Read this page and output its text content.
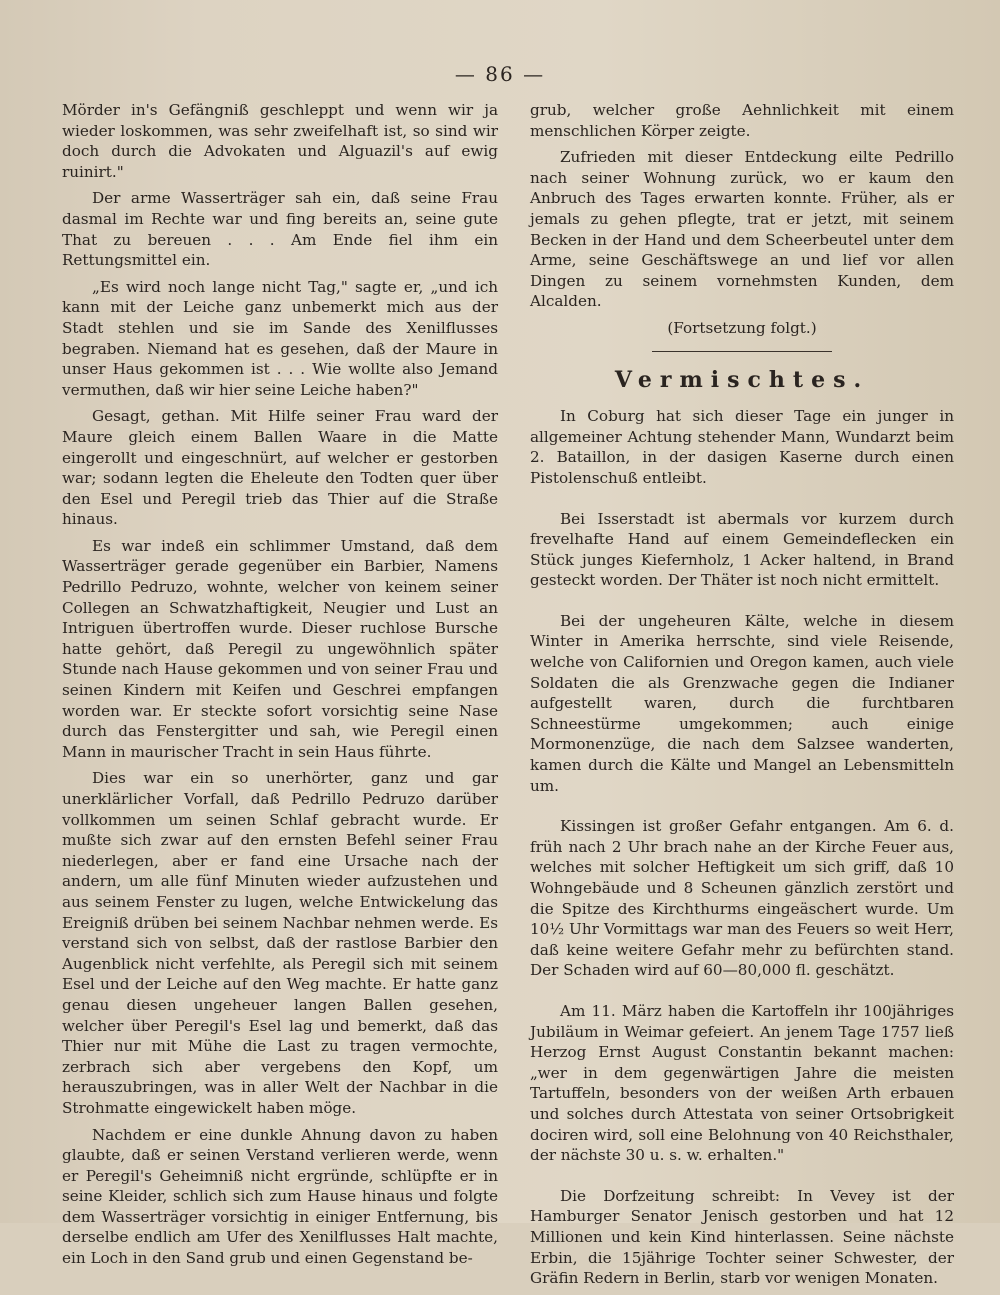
— 86 —

Mörder in's Gefängniß geschleppt und wenn wir ja wieder loskommen, was sehr zweifelhaft ist, so sind wir doch durch die Advokaten und Alguazil's auf ewig ruinirt."

Der arme Wasserträger sah ein, daß seine Frau dasmal im Rechte war und fing bereits an, seine gute That zu bereuen . . . Am Ende fiel ihm ein Rettungsmittel ein.

„Es wird noch lange nicht Tag," sagte er, „und ich kann mit der Leiche ganz unbemerkt mich aus der Stadt stehlen und sie im Sande des Xenilflusses begraben. Niemand hat es gesehen, daß der Maure in unser Haus gekommen ist . . . Wie wollte also Jemand vermuthen, daß wir hier seine Leiche haben?"

Gesagt, gethan. Mit Hilfe seiner Frau ward der Maure gleich einem Ballen Waare in die Matte eingerollt und eingeschnürt, auf welcher er gestorben war; sodann legten die Eheleute den Todten quer über den Esel und Peregil trieb das Thier auf die Straße hinaus.

Es war indeß ein schlimmer Umstand, daß dem Wasserträger gerade gegenüber ein Barbier, Namens Pedrillo Pedruzo, wohnte, welcher von keinem seiner Collegen an Schwatzhaftigkeit, Neugier und Lust an Intriguen übertroffen wurde. Dieser ruchlose Bursche hatte gehört, daß Peregil zu ungewöhnlich später Stunde nach Hause gekommen und von seiner Frau und seinen Kindern mit Keifen und Geschrei empfangen worden war. Er steckte sofort vorsichtig seine Nase durch das Fenstergitter und sah, wie Peregil einen Mann in maurischer Tracht in sein Haus führte.

Dies war ein so unerhörter, ganz und gar unerklärlicher Vorfall, daß Pedrillo Pedruzo darüber vollkommen um seinen Schlaf gebracht wurde. Er mußte sich zwar auf den ernsten Befehl seiner Frau niederlegen, aber er fand eine Ursache nach der andern, um alle fünf Minuten wieder aufzustehen und aus seinem Fenster zu lugen, welche Entwickelung das Ereigniß drüben bei seinem Nachbar nehmen werde. Es verstand sich von selbst, daß der rastlose Barbier den Augenblick nicht verfehlte, als Peregil sich mit seinem Esel und der Leiche auf den Weg machte. Er hatte ganz genau diesen ungeheuer langen Ballen gesehen, welcher über Peregil's Esel lag und bemerkt, daß das Thier nur mit Mühe die Last zu tragen vermochte, zerbrach sich aber vergebens den Kopf, um herauszubringen, was in aller Welt der Nachbar in die Strohmatte eingewickelt haben möge.

Nachdem er eine dunkle Ahnung davon zu haben glaubte, daß er seinen Verstand verlieren werde, wenn er Peregil's Geheimniß nicht ergründe, schlüpfte er in seine Kleider, schlich sich zum Hause hinaus und folgte dem Wasserträger vorsichtig in einiger Entfernung, bis derselbe endlich am Ufer des Xenilflusses Halt machte, ein Loch in den Sand grub und einen Gegenstand be-

grub, welcher große Aehnlichkeit mit einem menschlichen Körper zeigte.

Zufrieden mit dieser Entdeckung eilte Pedrillo nach seiner Wohnung zurück, wo er kaum den Anbruch des Tages erwarten konnte. Früher, als er jemals zu gehen pflegte, trat er jetzt, mit seinem Becken in der Hand und dem Scheerbeutel unter dem Arme, seine Geschäftswege an und lief vor allen Dingen zu seinem vornehmsten Kunden, dem Alcalden.

(Fortsetzung folgt.)

Vermischtes.

In Coburg hat sich dieser Tage ein junger in allgemeiner Achtung stehender Mann, Wundarzt beim 2. Bataillon, in der dasigen Kaserne durch einen Pistolenschuß entleibt.

Bei Isserstadt ist abermals vor kurzem durch frevelhafte Hand auf einem Gemeindeflecken ein Stück junges Kiefernholz, 1 Acker haltend, in Brand gesteckt worden. Der Thäter ist noch nicht ermittelt.

Bei der ungeheuren Kälte, welche in diesem Winter in Amerika herrschte, sind viele Reisende, welche von Californien und Oregon kamen, auch viele Soldaten die als Grenzwache gegen die Indianer aufgestellt waren, durch die furchtbaren Schneestürme umgekommen; auch einige Mormonenzüge, die nach dem Salzsee wanderten, kamen durch die Kälte und Mangel an Lebensmitteln um.

Kissingen ist großer Gefahr entgangen. Am 6. d. früh nach 2 Uhr brach nahe an der Kirche Feuer aus, welches mit solcher Heftigkeit um sich griff, daß 10 Wohngebäude und 8 Scheunen gänzlich zerstört und die Spitze des Kirchthurms eingeäschert wurde. Um 10½ Uhr Vormittags war man des Feuers so weit Herr, daß keine weitere Gefahr mehr zu befürchten stand. Der Schaden wird auf 60—80,000 fl. geschätzt.

Am 11. März haben die Kartoffeln ihr 100jähriges Jubiläum in Weimar gefeiert. An jenem Tage 1757 ließ Herzog Ernst August Constantin bekannt machen: „wer in dem gegenwärtigen Jahre die meisten Tartuffeln, besonders von der weißen Arth erbauen und solches durch Attestata von seiner Ortsobrigkeit dociren wird, soll eine Belohnung von 40 Reichsthaler, der nächste 30 u. s. w. erhalten."

Die Dorfzeitung schreibt: In Vevey ist der Hamburger Senator Jenisch gestorben und hat 12 Millionen und kein Kind hinterlassen. Seine nächste Erbin, die 15jährige Tochter seiner Schwester, der Gräfin Redern in Berlin, starb vor wenigen Monaten.
